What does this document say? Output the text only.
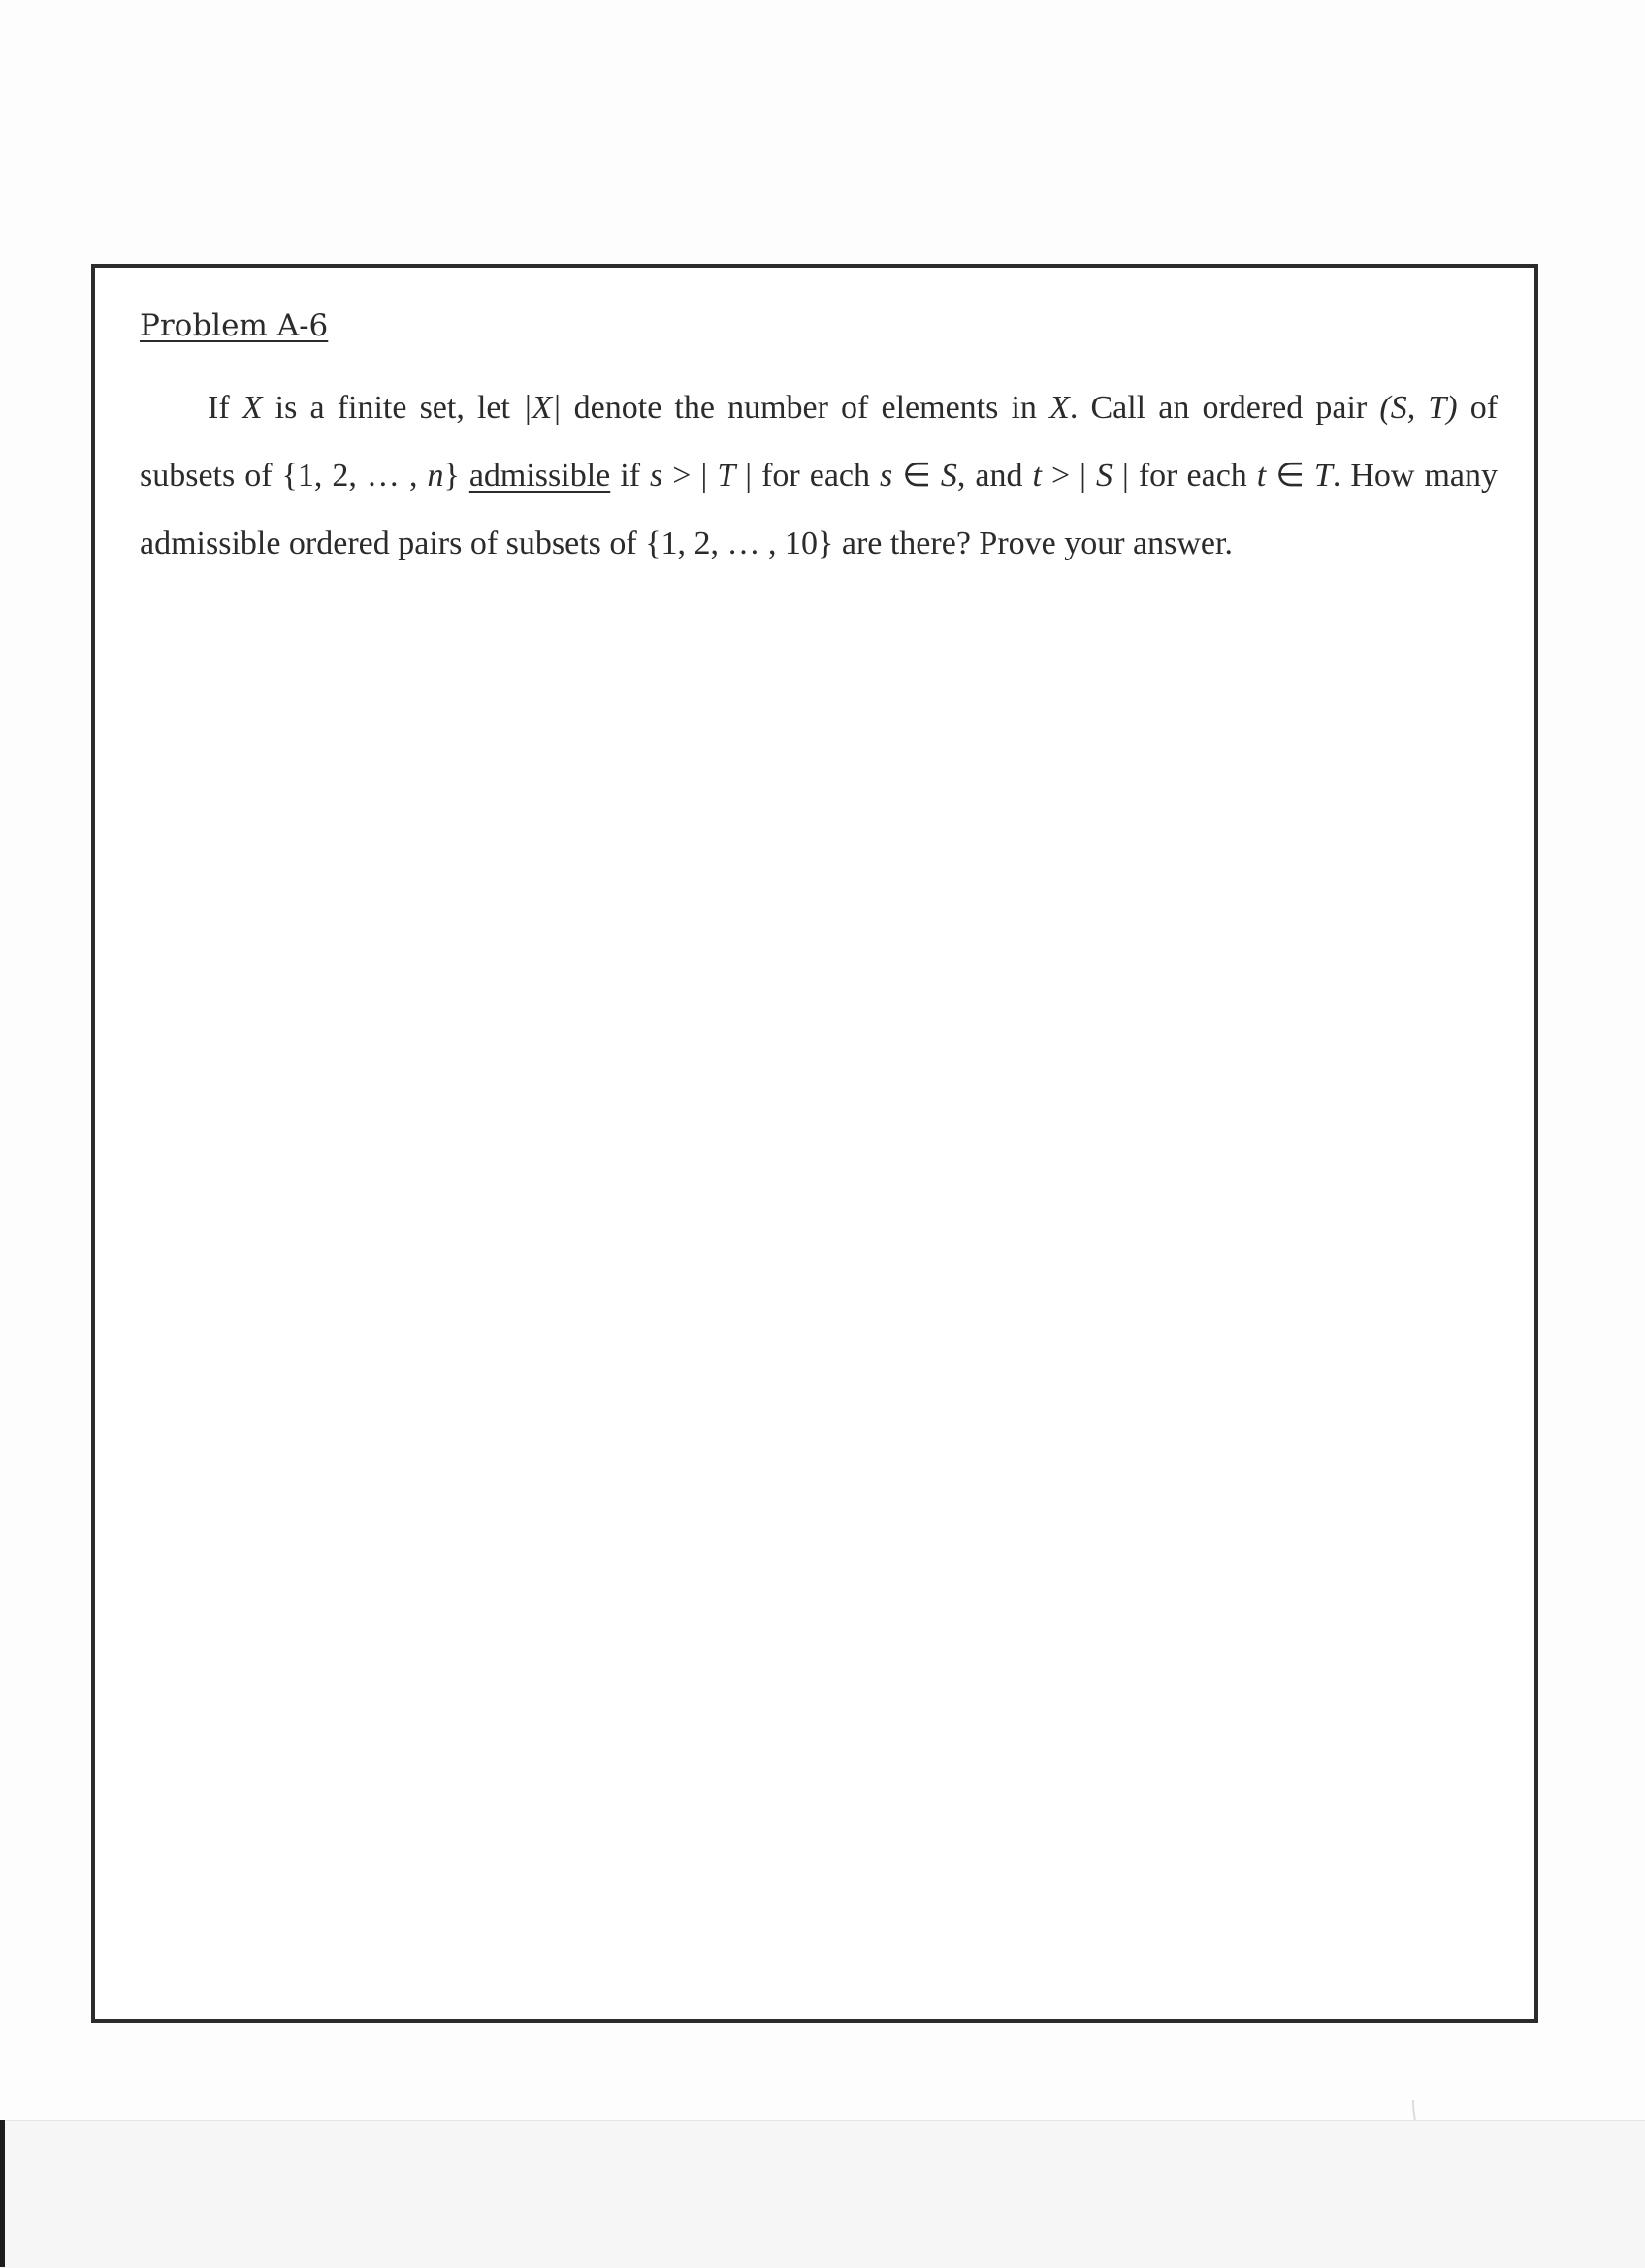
Problem A-6
If X is a finite set, let |X| denote the number of elements in X. Call an ordered pair (S, T) of subsets of {1, 2, … , n} admissible if s > | T | for each s ∈ S, and t > | S | for each t ∈ T. How many admissible ordered pairs of subsets of {1, 2, … , 10} are there? Prove your answer.
